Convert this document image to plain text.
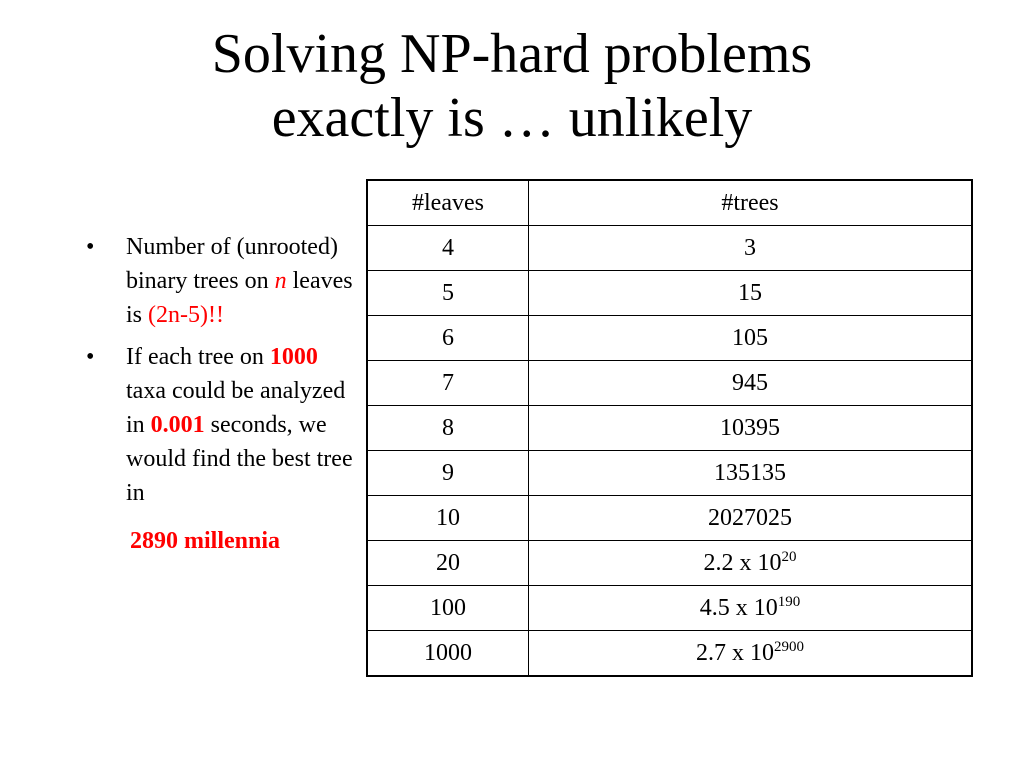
Solving NP-hard problems
exactly is … unlikely
• Number of (unrooted) binary trees on n leaves is (2n-5)!!
• If each tree on 1000 taxa could be analyzed in 0.001 seconds, we would find the best tree in
2890 millennia
#leaves	#trees
4	3
5	15
6	105
7	945
8	10395
9	135135
10	2027025
20	2.2 x $10^{20}$
100	4.5 x $10^{190}$
1000	2.7 x $10^{2900}$
